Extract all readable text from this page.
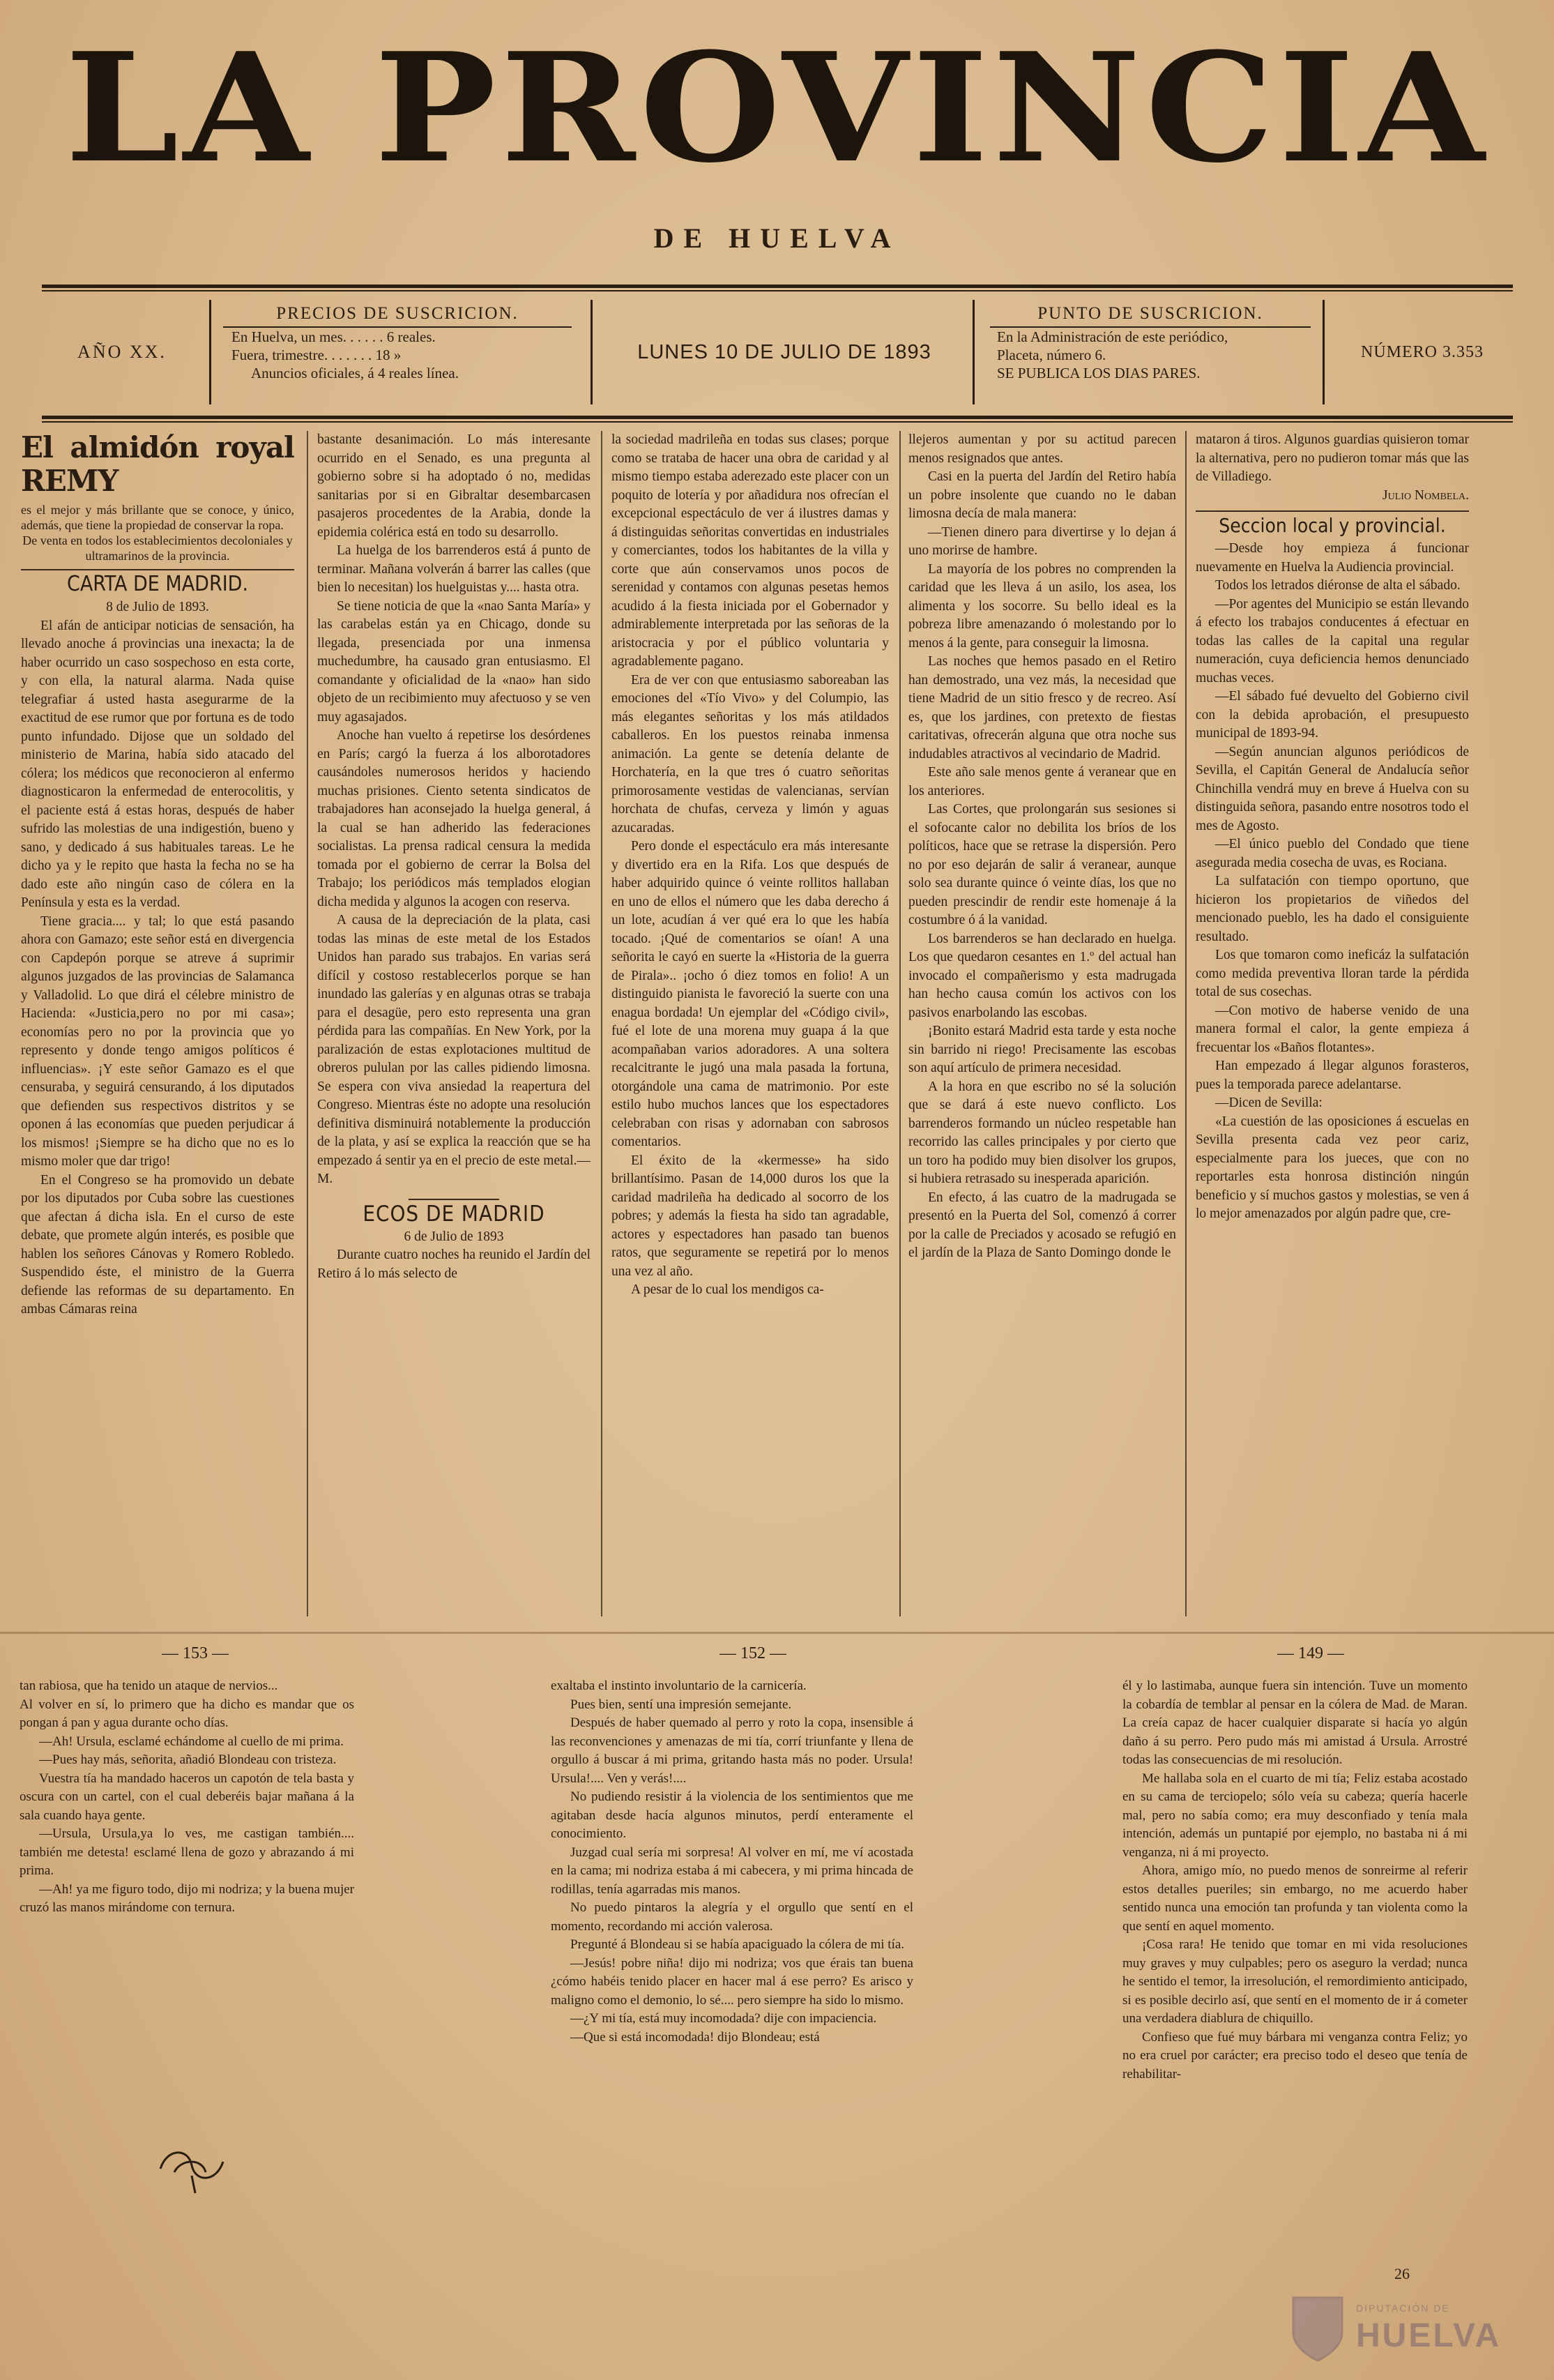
LA PROVINCIA
DE HUELVA
AÑO XX.
PRECIOS DE SUSCRICION.
En Huelva, un mes. . . . . . 6 reales.
Fuera, trimestre. . . . . . . 18 »
Anuncios oficiales, á 4 reales línea.
LUNES 10 DE JULIO DE 1893
PUNTO DE SUSCRICION.
En la Administración de este periódico,
Placeta, número 6.
SE PUBLICA LOS DIAS PARES.
NÚMERO 3.353

El almidón royal REMY

es el mejor y más brillante que se conoce, y único, además, que tiene la propiedad de conservar la ropa.

De venta en todos los establecimientos decoloniales y ultramarinos de la provincia.

CARTA DE MADRID.

8 de Julio de 1893.

El afán de anticipar noticias de sensación, ha llevado anoche á provincias una inexacta; la de haber ocurrido un caso sospechoso en esta corte, y con ella, la natural alarma. Nada quise telegrafiar á usted hasta asegurarme de la exactitud de ese rumor que por fortuna es de todo punto infundado. Dijose que un soldado del ministerio de Marina, había sido atacado del cólera; los médicos que reconocieron al enfermo diagnosticaron la enfermedad de enterocolitis, y el paciente está á estas horas, después de haber sufrido las molestias de una indigestión, bueno y sano, y dedicado á sus habituales tareas. Le he dicho ya y le repito que hasta la fecha no se ha dado este año ningún caso de cólera en la Península y esta es la verdad.

Tiene gracia.... y tal; lo que está pasando ahora con Gamazo; este señor está en divergencia con Capdepón porque se atreve á suprimir algunos juzgados de las provincias de Salamanca y Valladolid. Lo que dirá el célebre ministro de Hacienda: «Justicia,pero no por mi casa»; economías pero no por la provincia que yo represento y donde tengo amigos políticos é influencias». ¡Y este señor Gamazo es el que censuraba, y seguirá censurando, á los diputados que defienden sus respectivos distritos y se oponen á las economías que pueden perjudicar á los mismos! ¡Siempre se ha dicho que no es lo mismo moler que dar trigo!

En el Congreso se ha promovido un debate por los diputados por Cuba sobre las cuestiones que afectan á dicha isla. En el curso de este debate, que promete algún interés, es posible que hablen los señores Cánovas y Romero Robledo. Suspendido éste, el ministro de la Guerra defiende las reformas de su departamento. En ambas Cámaras reina

bastante desanimación. Lo más interesante ocurrido en el Senado, es una pregunta al gobierno sobre si ha adoptado ó no, medidas sanitarias por si en Gibraltar desembarcasen pasajeros procedentes de la Arabia, donde la epidemia colérica está en todo su desarrollo.

La huelga de los barrenderos está á punto de terminar. Mañana volverán á barrer las calles (que bien lo necesitan) los huelguistas y.... hasta otra.

Se tiene noticia de que la «nao Santa María» y las carabelas están ya en Chicago, donde su llegada, presenciada por una inmensa muchedumbre, ha causado gran entusiasmo. El comandante y oficialidad de la «nao» han sido objeto de un recibimiento muy afectuoso y se ven muy agasajados.

Anoche han vuelto á repetirse los desórdenes en París; cargó la fuerza á los alborotadores causándoles numerosos heridos y haciendo muchas prisiones. Ciento setenta sindicatos de trabajadores han aconsejado la huelga general, á la cual se han adherido las federaciones socialistas. La prensa radical censura la medida tomada por el gobierno de cerrar la Bolsa del Trabajo; los periódicos más templados elogian dicha medida y algunos la acogen con reserva.

A causa de la depreciación de la plata, casi todas las minas de este metal de los Estados Unidos han parado sus trabajos. En varias será difícil y costoso restablecerlos porque se han inundado las galerías y en algunas otras se trabaja para el desagüe, pero esto representa una gran pérdida para las compañías. En New York, por la paralización de estas explotaciones multitud de obreros pululan por las calles pidiendo limosna. Se espera con viva ansiedad la reapertura del Congreso. Mientras éste no adopte una resolución definitiva disminuirá notablemente la producción de la plata, y así se explica la reacción que se ha empezado á sentir ya en el precio de este metal.—M.

ECOS DE MADRID

6 de Julio de 1893

Durante cuatro noches ha reunido el Jardín del Retiro á lo más selecto de

la sociedad madrileña en todas sus clases; porque como se trataba de hacer una obra de caridad y al mismo tiempo estaba aderezado este placer con un poquito de lotería y por añadidura nos ofrecían el excepcional espectáculo de ver á ilustres damas y á distinguidas señoritas convertidas en industriales y comerciantes, todos los habitantes de la villa y corte que aún conservamos unos pocos de serenidad y contamos con algunas pesetas hemos acudido á la fiesta iniciada por el Gobernador y admirablemente interpretada por las señoras de la aristocracia y por el público voluntaria y agradablemente pagano.

Era de ver con que entusiasmo saboreaban las emociones del «Tío Vivo» y del Columpio, las más elegantes señoritas y los más atildados caballeros. En los puestos reinaba inmensa animación. La gente se detenía delante de Horchatería, en la que tres ó cuatro señoritas primorosamente vestidas de valencianas, servían horchata de chufas, cerveza y limón y aguas azucaradas.

Pero donde el espectáculo era más interesante y divertido era en la Rifa. Los que después de haber adquirido quince ó veinte rollitos hallaban en uno de ellos el número que les daba derecho á un lote, acudían á ver qué era lo que les había tocado. ¡Qué de comentarios se oían! A una señorita le cayó en suerte la «Historia de la guerra de Pirala».. ¡ocho ó diez tomos en folio! A un distinguido pianista le favoreció la suerte con una enagua bordada! Un ejemplar del «Código civil», fué el lote de una morena muy guapa á la que acompañaban varios adoradores. A una soltera recalcitrante le jugó una mala pasada la fortuna, otorgándole una cama de matrimonio. Por este estilo hubo muchos lances que los espectadores celebraban con risas y adornaban con sabrosos comentarios.

El éxito de la «kermesse» ha sido brillantísimo. Pasan de 14,000 duros los que la caridad madrileña ha dedicado al socorro de los pobres; y además la fiesta ha sido tan agradable, actores y espectadores han pasado tan buenos ratos, que seguramente se repetirá por lo menos una vez al año.

A pesar de lo cual los mendigos ca-

llejeros aumentan y por su actitud parecen menos resignados que antes.

Casi en la puerta del Jardín del Retiro había un pobre insolente que cuando no le daban limosna decía de mala manera:

—Tienen dinero para divertirse y lo dejan á uno morirse de hambre.

La mayoría de los pobres no comprenden la caridad que les lleva á un asilo, los asea, los alimenta y los socorre. Su bello ideal es la pobreza libre amenazando ó molestando por lo menos á la gente, para conseguir la limosna.

Las noches que hemos pasado en el Retiro han demostrado, una vez más, la necesidad que tiene Madrid de un sitio fresco y de recreo. Así es, que los jardines, con pretexto de fiestas caritativas, ofrecerán alguna que otra noche sus indudables atractivos al vecindario de Madrid.

Este año sale menos gente á veranear que en los anteriores.

Las Cortes, que prolongarán sus sesiones si el sofocante calor no debilita los bríos de los políticos, hace que se retrase la dispersión. Pero no por eso dejarán de salir á veranear, aunque solo sea durante quince ó veinte días, los que no pueden prescindir de rendir este homenaje á la costumbre ó á la vanidad.

Los barrenderos se han declarado en huelga. Los que quedaron cesantes en 1.º del actual han invocado el compañerismo y esta madrugada han hecho causa común los activos con los pasivos enarbolando las escobas.

¡Bonito estará Madrid esta tarde y esta noche sin barrido ni riego! Precisamente las escobas son aquí artículo de primera necesidad.

A la hora en que escribo no sé la solución que se dará á este nuevo conflicto. Los barrenderos formando un núcleo respetable han recorrido las calles principales y por cierto que un toro ha podido muy bien disolver los grupos, si hubiera retrasado su inesperada aparición.

En efecto, á las cuatro de la madrugada se presentó en la Puerta del Sol, comenzó á correr por la calle de Preciados y acosado se refugió en el jardín de la Plaza de Santo Domingo donde le

mataron á tiros. Algunos guardias quisieron tomar la alternativa, pero no pudieron tomar más que las de Villadiego.

Julio Nombela.

Seccion local y provincial.

—Desde hoy empieza á funcionar nuevamente en Huelva la Audiencia provincial.

Todos los letrados diéronse de alta el sábado.

—Por agentes del Municipio se están llevando á efecto los trabajos conducentes á efectuar en todas las calles de la capital una regular numeración, cuya deficiencia hemos denunciado muchas veces.

—El sábado fué devuelto del Gobierno civil con la debida aprobación, el presupuesto municipal de 1893-94.

—Según anuncian algunos periódicos de Sevilla, el Capitán General de Andalucía señor Chinchilla vendrá muy en breve á Huelva con su distinguida señora, pasando entre nosotros todo el mes de Agosto.

—El único pueblo del Condado que tiene asegurada media cosecha de uvas, es Rociana.

La sulfatación con tiempo oportuno, que hicieron los propietarios de viñedos del mencionado pueblo, les ha dado el consiguiente resultado.

Los que tomaron como ineficáz la sulfatación como medida preventiva lloran tarde la pérdida total de sus cosechas.

—Con motivo de haberse venido de una manera formal el calor, la gente empieza á frecuentar los «Baños flotantes».

Han empezado á llegar algunos forasteros, pues la temporada parece adelantarse.

—Dicen de Sevilla:

«La cuestión de las oposiciones á escuelas en Sevilla presenta cada vez peor cariz, especialmente para los jueces, que con no reportarles esta honrosa distinción ningún beneficio y sí muchos gastos y molestias, se ven á lo mejor amenazados por algún padre que, cre-

— 153 —	— 152 —	— 149 —

tan rabiosa, que ha tenido un ataque de nervios...

Al volver en sí, lo primero que ha dicho es mandar que os pongan á pan y agua durante ocho días.

—Ah! Ursula, esclamé echándome al cuello de mi prima.

—Pues hay más, señorita, añadió Blondeau con tristeza.

Vuestra tía ha mandado haceros un capotón de tela basta y oscura con un cartel, con el cual deberéis bajar mañana á la sala cuando haya gente.

—Ursula, Ursula,ya lo ves, me castigan también.... también me detesta! esclamé llena de gozo y abrazando á mi prima.

—Ah! ya me figuro todo, dijo mi nodriza; y la buena mujer cruzó las manos mirándome con ternura.

exaltaba el instinto involuntario de la carnicería.

Pues bien, sentí una impresión semejante.

Después de haber quemado al perro y roto la copa, insensible á las reconvenciones y amenazas de mi tía, corrí triunfante y llena de orgullo á buscar á mi prima, gritando hasta más no poder. Ursula! Ursula!.... Ven y verás!....

No pudiendo resistir á la violencia de los sentimientos que me agitaban desde hacía algunos minutos, perdí enteramente el conocimiento.

Juzgad cual sería mi sorpresa! Al volver en mí, me ví acostada en la cama; mi nodriza estaba á mi cabecera, y mi prima hincada de rodillas, tenía agarradas mis manos.

No puedo pintaros la alegría y el orgullo que sentí en el momento, recordando mi acción valerosa.

Pregunté á Blondeau si se había apaciguado la cólera de mi tía.

—Jesús! pobre niña! dijo mi nodriza; vos que érais tan buena ¿cómo habéis tenido placer en hacer mal á ese perro? Es arisco y maligno como el demonio, lo sé.... pero siempre ha sido lo mismo.

—¿Y mi tía, está muy incomodada? dije con impaciencia.

—Que si está incomodada! dijo Blondeau; está

él y lo lastimaba, aunque fuera sin intención. Tuve un momento la cobardía de temblar al pensar en la cólera de Mad. de Maran. La creía capaz de hacer cualquier disparate si hacía yo algún daño á su perro. Pero pudo más mi amistad á Ursula. Arrostré todas las consecuencias de mi resolución.

Me hallaba sola en el cuarto de mi tía; Feliz estaba acostado en su cama de terciopelo; sólo veía su cabeza; quería hacerle mal, pero no sabía como; era muy desconfiado y tenía mala intención, además un puntapié por ejemplo, no bastaba ni á mi venganza, ni á mi proyecto.

Ahora, amigo mío, no puedo menos de sonreirme al referir estos detalles pueriles; sin embargo, no me acuerdo haber sentido nunca una emoción tan profunda y tan violenta como la que sentí en aquel momento.

¡Cosa rara! He tenido que tomar en mi vida resoluciones muy graves y muy culpables; pero os aseguro la verdad; nunca he sentido el temor, la irresolución, el remordimiento anticipado, si es posible decirlo así, que sentí en el momento de ir á cometer una verdadera diablura de chiquillo.

Confieso que fué muy bárbara mi venganza contra Feliz; yo no era cruel por carácter; era preciso todo el deseo que tenía de rehabilitar-

26
DIPUTACIÓN DE
HUELVA
